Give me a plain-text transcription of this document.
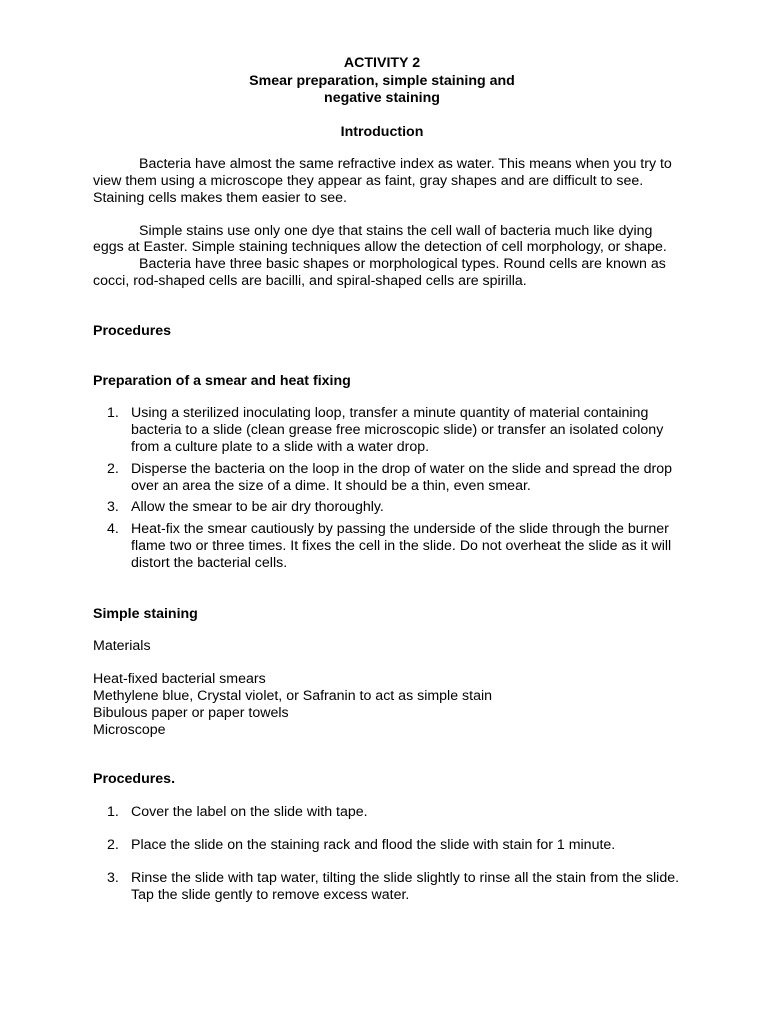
ACTIVITY 2
Smear preparation, simple staining and
negative staining
Introduction

Bacteria have almost the same refractive index as water. This means when you try to view them using a microscope they appear as faint, gray shapes and are difficult to see. Staining cells makes them easier to see.

Simple stains use only one dye that stains the cell wall of bacteria much like dying eggs at Easter. Simple staining techniques allow the detection of cell morphology, or shape.

Bacteria have three basic shapes or morphological types. Round cells are known as cocci, rod-shaped cells are bacilli, and spiral-shaped cells are spirilla.

Procedures
Preparation of a smear and heat fixing
1. Using a sterilized inoculating loop, transfer a minute quantity of material containing bacteria to a slide (clean grease free microscopic slide) or transfer an isolated colony from a culture plate to a slide with a water drop.
2. Disperse the bacteria on the loop in the drop of water on the slide and spread the drop over an area the size of a dime. It should be a thin, even smear.
3. Allow the smear to be air dry thoroughly.
4. Heat-fix the smear cautiously by passing the underside of the slide through the burner flame two or three times. It fixes the cell in the slide. Do not overheat the slide as it will distort the bacterial cells.
Simple staining

Materials

Heat-fixed bacterial smears
Methylene blue, Crystal violet, or Safranin to act as simple stain
Bibulous paper or paper towels
Microscope
Procedures.
1. Cover the label on the slide with tape.
2. Place the slide on the staining rack and flood the slide with stain for 1 minute.
3. Rinse the slide with tap water, tilting the slide slightly to rinse all the stain from the slide. Tap the slide gently to remove excess water.
